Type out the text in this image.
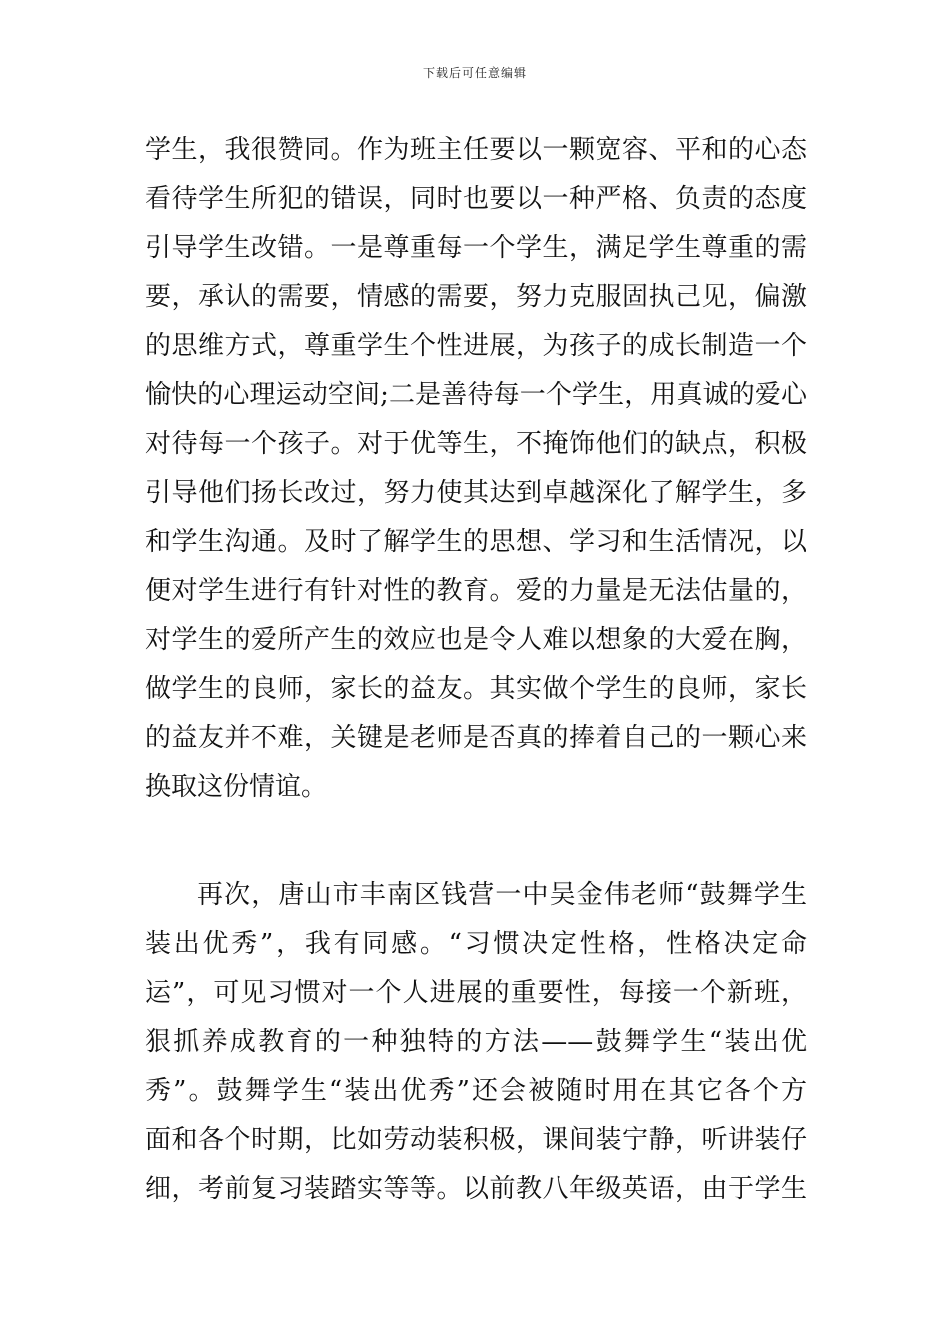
下载后可任意编辑
学生，我很赞同。作为班主任要以一颗宽容、平和的心态
看待学生所犯的错误，同时也要以一种严格、负责的态度
引导学生改错。一是尊重每一个学生，满足学生尊重的需
要，承认的需要，情感的需要，努力克服固执己见，偏激
的思维方式，尊重学生个性进展，为孩子的成长制造一个
愉快的心理运动空间;二是善待每一个学生，用真诚的爱心
对待每一个孩子。对于优等生，不掩饰他们的缺点，积极
引导他们扬长改过，努力使其达到卓越深化了解学生，多
和学生沟通。及时了解学生的思想、学习和生活情况，以
便对学生进行有针对性的教育。爱的力量是无法估量的，
对学生的爱所产生的效应也是令人难以想象的大爱在胸，
做学生的良师，家长的益友。其实做个学生的良师，家长
的益友并不难，关键是老师是否真的捧着自己的一颗心来
换取这份情谊。
再次，唐山市丰南区钱营一中吴金伟老师“鼓舞学生
装出优秀”，我有同感。“习惯决定性格，性格决定命
运”，可见习惯对一个人进展的重要性，每接一个新班，
狠抓养成教育的一种独特的方法——鼓舞学生“装出优
秀”。鼓舞学生“装出优秀”还会被随时用在其它各个方
面和各个时期，比如劳动装积极，课间装宁静，听讲装仔
细，考前复习装踏实等等。以前教八年级英语，由于学生
